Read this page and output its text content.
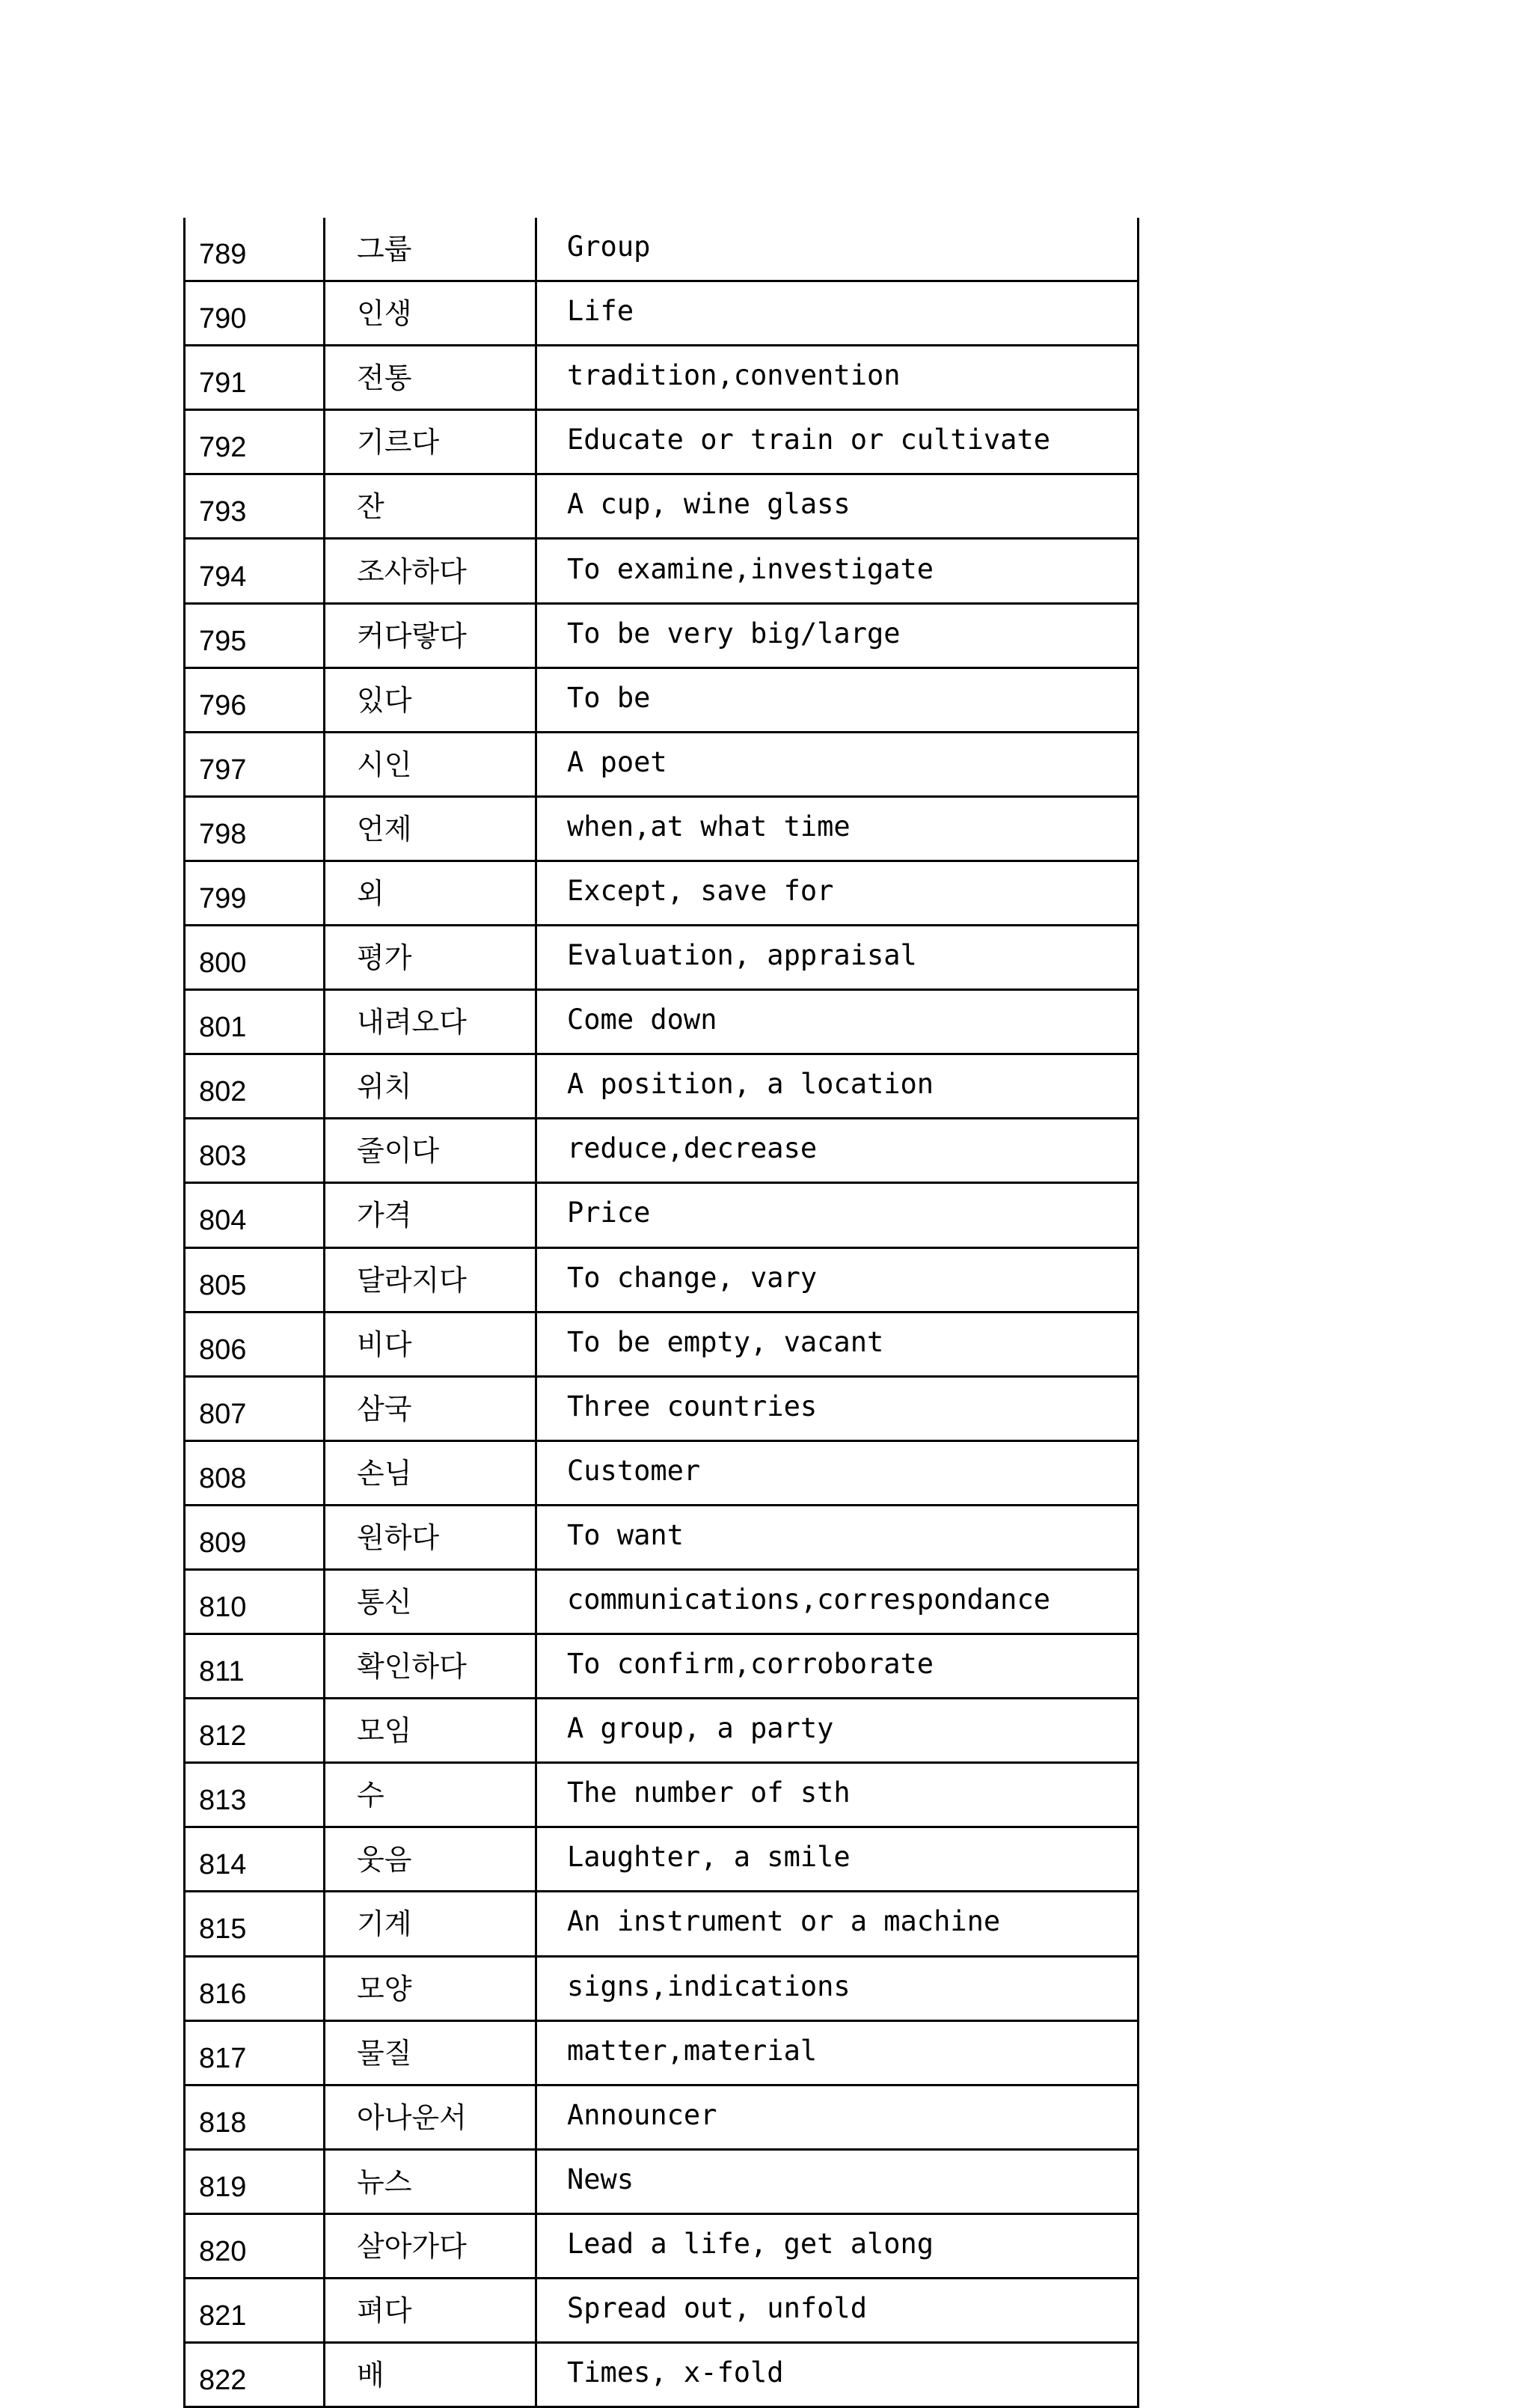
789	그룹	Group
790	인생	Life
791	전통	tradition,convention
792	기르다	Educate or train or cultivate
793	잔	A cup, wine glass
794	조사하다	To examine,investigate
795	커다랗다	To be very big/large
796	있다	To be
797	시인	A poet
798	언제	when,at what time
799	외	Except, save for
800	평가	Evaluation, appraisal
801	내려오다	Come down
802	위치	A position, a location
803	줄이다	reduce,decrease
804	가격	Price
805	달라지다	To change, vary
806	비다	To be empty, vacant
807	삼국	Three countries
808	손님	Customer
809	원하다	To want
810	통신	communications,correspondance
811	확인하다	To confirm,corroborate
812	모임	A group, a party
813	수	The number of sth
814	웃음	Laughter, a smile
815	기계	An instrument or a machine
816	모양	signs,indications
817	물질	matter,material
818	아나운서	Announcer
819	뉴스	News
820	살아가다	Lead a life, get along
821	펴다	Spread out, unfold
822	배	Times, x-fold
